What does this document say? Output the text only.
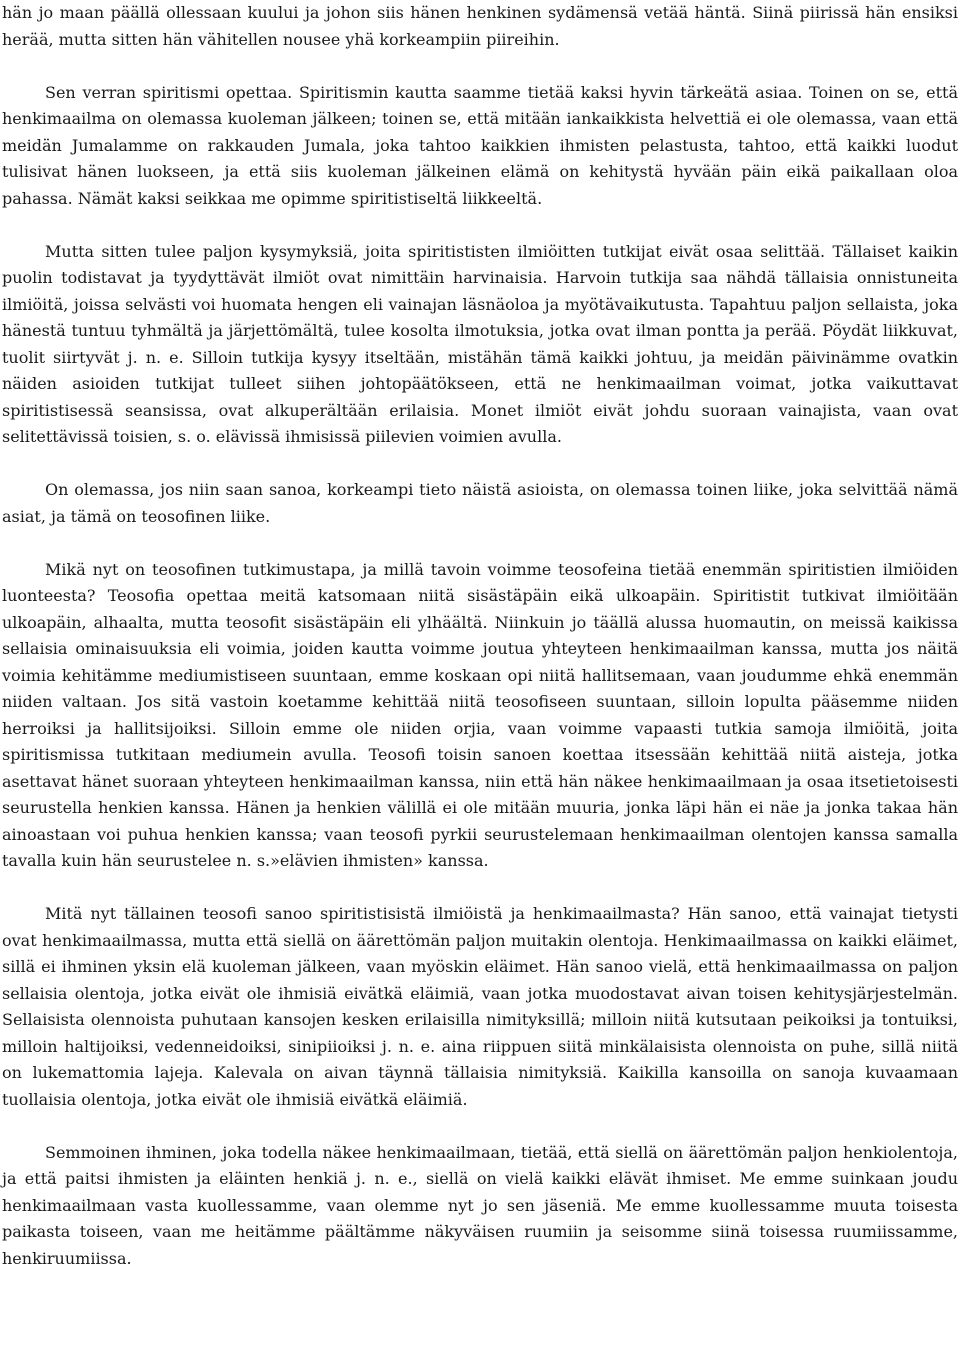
hän jo maan päällä ollessaan kuului ja johon siis hänen henkinen sydämensä vetää häntä. Siinä piirissä hän ensiksi herää, mutta sitten hän vähitellen nousee yhä korkeampiin piireihin.

Sen verran spiritismi opettaa. Spiritismin kautta saamme tietää kaksi hyvin tärkeätä asiaa. Toinen on se, että henkimaailma on olemassa kuoleman jälkeen; toinen se, että mitään iankaikkista helvettiä ei ole olemassa, vaan että meidän Jumalamme on rakkauden Jumala, joka tahtoo kaikkien ihmisten pelastusta, tahtoo, että kaikki luodut tulisivat hänen luokseen, ja että siis kuoleman jälkeinen elämä on kehitystä hyvään päin eikä paikallaan oloa pahassa. Nämät kaksi seikkaa me opimme spiritistiseltä liikkeeltä.

Mutta sitten tulee paljon kysymyksiä, joita spiritististen ilmiöitten tutkijat eivät osaa selittää. Tällaiset kaikin puolin todistavat ja tyydyttävät ilmiöt ovat nimittäin harvinaisia. Harvoin tutkija saa nähdä tällaisia onnistuneita ilmiöitä, joissa selvästi voi huomata hengen eli vainajan läsnäoloa ja myötävaikutusta. Tapahtuu paljon sellaista, joka hänestä tuntuu tyhmältä ja järjettömältä, tulee kosolta ilmotuksia, jotka ovat ilman pontta ja perää. Pöydät liikkuvat, tuolit siirtyvät j. n. e. Silloin tutkija kysyy itseltään, mistähän tämä kaikki johtuu, ja meidän päivinämme ovatkin näiden asioiden tutkijat tulleet siihen johtopäätökseen, että ne henkimaailman voimat, jotka vaikuttavat spiritistisessä seansissa, ovat alkuperältään erilaisia. Monet ilmiöt eivät johdu suoraan vainajista, vaan ovat selitettävissä toisien, s. o. elävissä ihmisissä piilevien voimien avulla.

On olemassa, jos niin saan sanoa, korkeampi tieto näistä asioista, on olemassa toinen liike, joka selvittää nämä asiat, ja tämä on teosofinen liike.

Mikä nyt on teosofinen tutkimustapa, ja millä tavoin voimme teosofeina tietää enemmän spiritistien ilmiöiden luonteesta? Teosofia opettaa meitä katsomaan niitä sisästäpäin eikä ulkoapäin. Spiritistit tutkivat ilmiöitään ulkoapäin, alhaalta, mutta teosofit sisästäpäin eli ylhäältä. Niinkuin jo täällä alussa huomautin, on meissä kaikissa sellaisia ominaisuuksia eli voimia, joiden kautta voimme joutua yhteyteen henkimaailman kanssa, mutta jos näitä voimia kehitämme mediumistiseen suuntaan, emme koskaan opi niitä hallitsemaan, vaan joudumme ehkä enemmän niiden valtaan. Jos sitä vastoin koetamme kehittää niitä teosofiseen suuntaan, silloin lopulta pääsemme niiden herroiksi ja hallitsijoiksi. Silloin emme ole niiden orjia, vaan voimme vapaasti tutkia samoja ilmiöitä, joita spiritismissa tutkitaan mediumein avulla. Teosofi toisin sanoen koettaa itsessään kehittää niitä aisteja, jotka asettavat hänet suoraan yhteyteen henkimaailman kanssa, niin että hän näkee henkimaailmaan ja osaa itsetietoisesti seurustella henkien kanssa. Hänen ja henkien välillä ei ole mitään muuria, jonka läpi hän ei näe ja jonka takaa hän ainoastaan voi puhua henkien kanssa; vaan teosofi pyrkii seurustelemaan henkimaailman olentojen kanssa samalla tavalla kuin hän seurustelee n. s.»elävien ihmisten» kanssa.

Mitä nyt tällainen teosofi sanoo spiritistisistä ilmiöistä ja henkimaailmasta? Hän sanoo, että vainajat tietysti ovat henkimaailmassa, mutta että siellä on äärettömän paljon muitakin olentoja. Henkimaailmassa on kaikki eläimet, sillä ei ihminen yksin elä kuoleman jälkeen, vaan myöskin eläimet. Hän sanoo vielä, että henkimaailmassa on paljon sellaisia olentoja, jotka eivät ole ihmisiä eivätkä eläimiä, vaan jotka muodostavat aivan toisen kehitysjärjestelmän. Sellaisista olennoista puhutaan kansojen kesken erilaisilla nimityksillä; milloin niitä kutsutaan peikoiksi ja tontuiksi, milloin haltijoiksi, vedenneidoiksi, sinipiioiksi j. n. e. aina riippuen siitä minkälaisista olennoista on puhe, sillä niitä on lukemattomia lajeja. Kalevala on aivan täynnä tällaisia nimityksiä. Kaikilla kansoilla on sanoja kuvaamaan tuollaisia olentoja, jotka eivät ole ihmisiä eivätkä eläimiä.

Semmoinen ihminen, joka todella näkee henkimaailmaan, tietää, että siellä on äärettömän paljon henkiolentoja, ja että paitsi ihmisten ja eläinten henkiä j. n. e., siellä on vielä kaikki elävät ihmiset. Me emme suinkaan joudu henkimaailmaan vasta kuollessamme, vaan olemme nyt jo sen jäseniä. Me emme kuollessamme muuta toisesta paikasta toiseen, vaan me heitämme päältämme näkyväisen ruumiin ja seisomme siinä toisessa ruumiissamme, henkiruumiissa.
